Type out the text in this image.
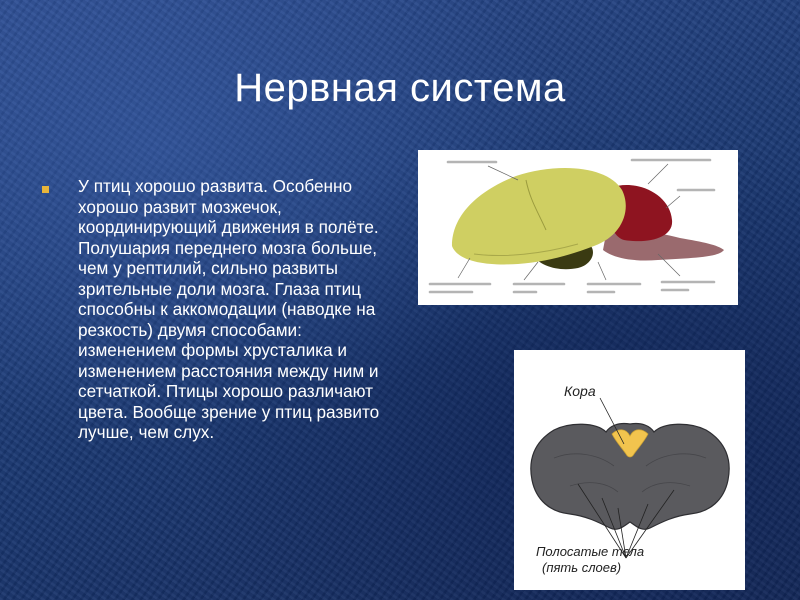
Нервная система
У птиц хорошо развита. Особенно хорошо развит мозжечок, координирующий движения в полёте. Полушария переднего мозга больше, чем у рептилий, сильно развиты зрительные доли мозга. Глаза птиц способны к аккомодации (наводке на резкость) двумя способами: изменением формы хрусталика и изменением расстояния между ним и сетчаткой. Птицы хорошо различают цвета. Вообще зрение у птиц развито лучше, чем слух.
Кора
Полосатые тела
(пять слоев)
